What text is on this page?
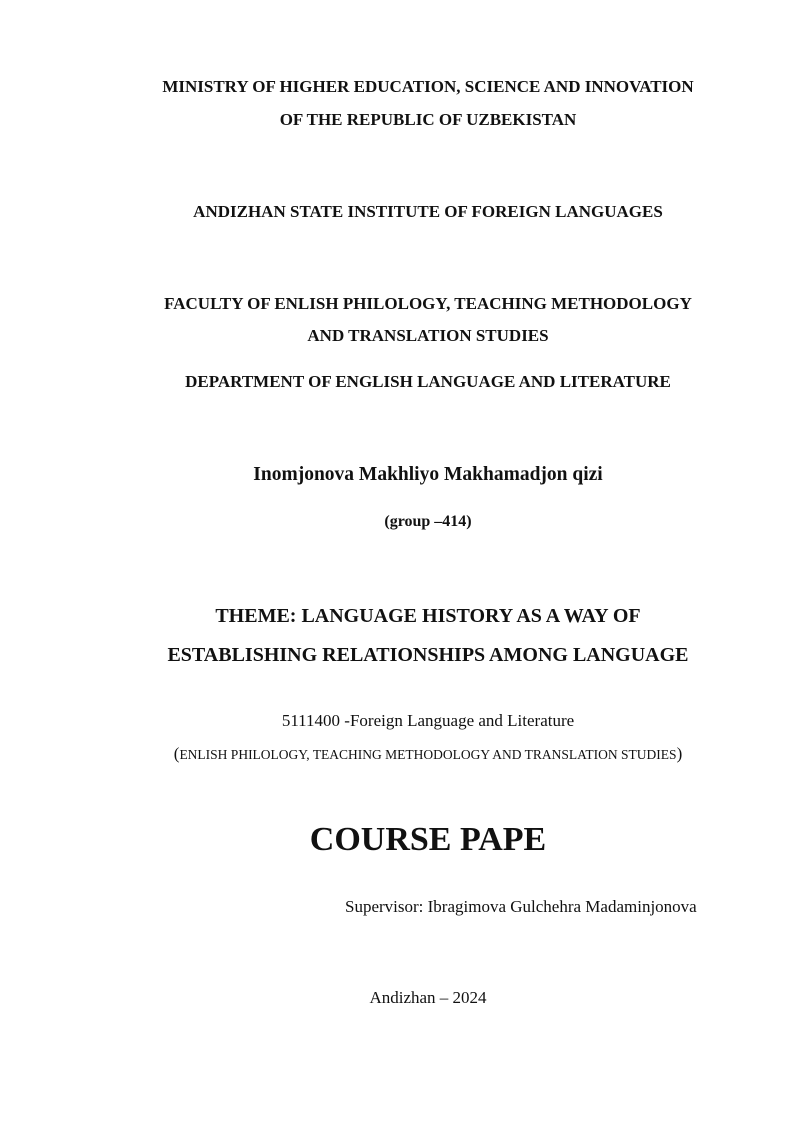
MINISTRY OF HIGHER EDUCATION, SCIENCE AND INNOVATION
OF THE REPUBLIC OF UZBEKISTAN
ANDIZHAN STATE INSTITUTE OF FOREIGN LANGUAGES
FACULTY OF ENLISH PHILOLOGY, TEACHING METHODOLOGY
AND TRANSLATION STUDIES
DEPARTMENT OF ENGLISH LANGUAGE AND LITERATURE
Inomjonova Makhliyo Makhamadjon qizi
(group –414)
THEME: LANGUAGE HISTORY AS A WAY OF
ESTABLISHING RELATIONSHIPS AMONG LANGUAGE
5111400 -Foreign Language and Literature
(ENLISH PHILOLOGY, TEACHING METHODOLOGY AND TRANSLATION STUDIES)
COURSE PAPE
Supervisor: Ibragimova Gulchehra Madaminjonova
Andizhan – 2024
